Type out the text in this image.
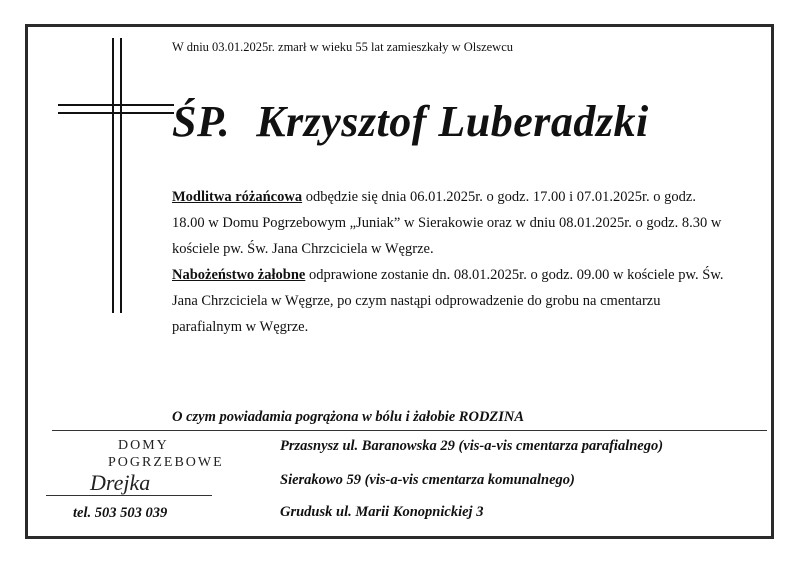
W dniu 03.01.2025r. zmarł w wieku 55 lat zamieszkały w Olszewcu
ŚP. Krzysztof Luberadzki

Modlitwa różańcowa odbędzie się dnia 06.01.2025r. o godz. 17.00 i 07.01.2025r. o godz. 18.00 w Domu Pogrzebowym „Juniak” w Sierakowie oraz w dniu 08.01.2025r. o godz. 8.30 w kościele pw. Św. Jana Chrzciciela w Węgrze.

Nabożeństwo żałobne odprawione zostanie dn. 08.01.2025r. o godz. 09.00 w kościele pw. Św. Jana Chrzciciela w Węgrze, po czym nastąpi odprowadzenie do grobu na cmentarzu parafialnym w Węgrze.

O czym powiadamia pogrążona w bólu i żałobie RODZINA
DOMY
POGRZEBOWE
Drejka
tel. 503 503 039
Przasnysz ul. Baranowska 29 (vis-a-vis cmentarza parafialnego)
Sierakowo 59 (vis-a-vis cmentarza komunalnego)
Grudusk ul. Marii Konopnickiej 3
